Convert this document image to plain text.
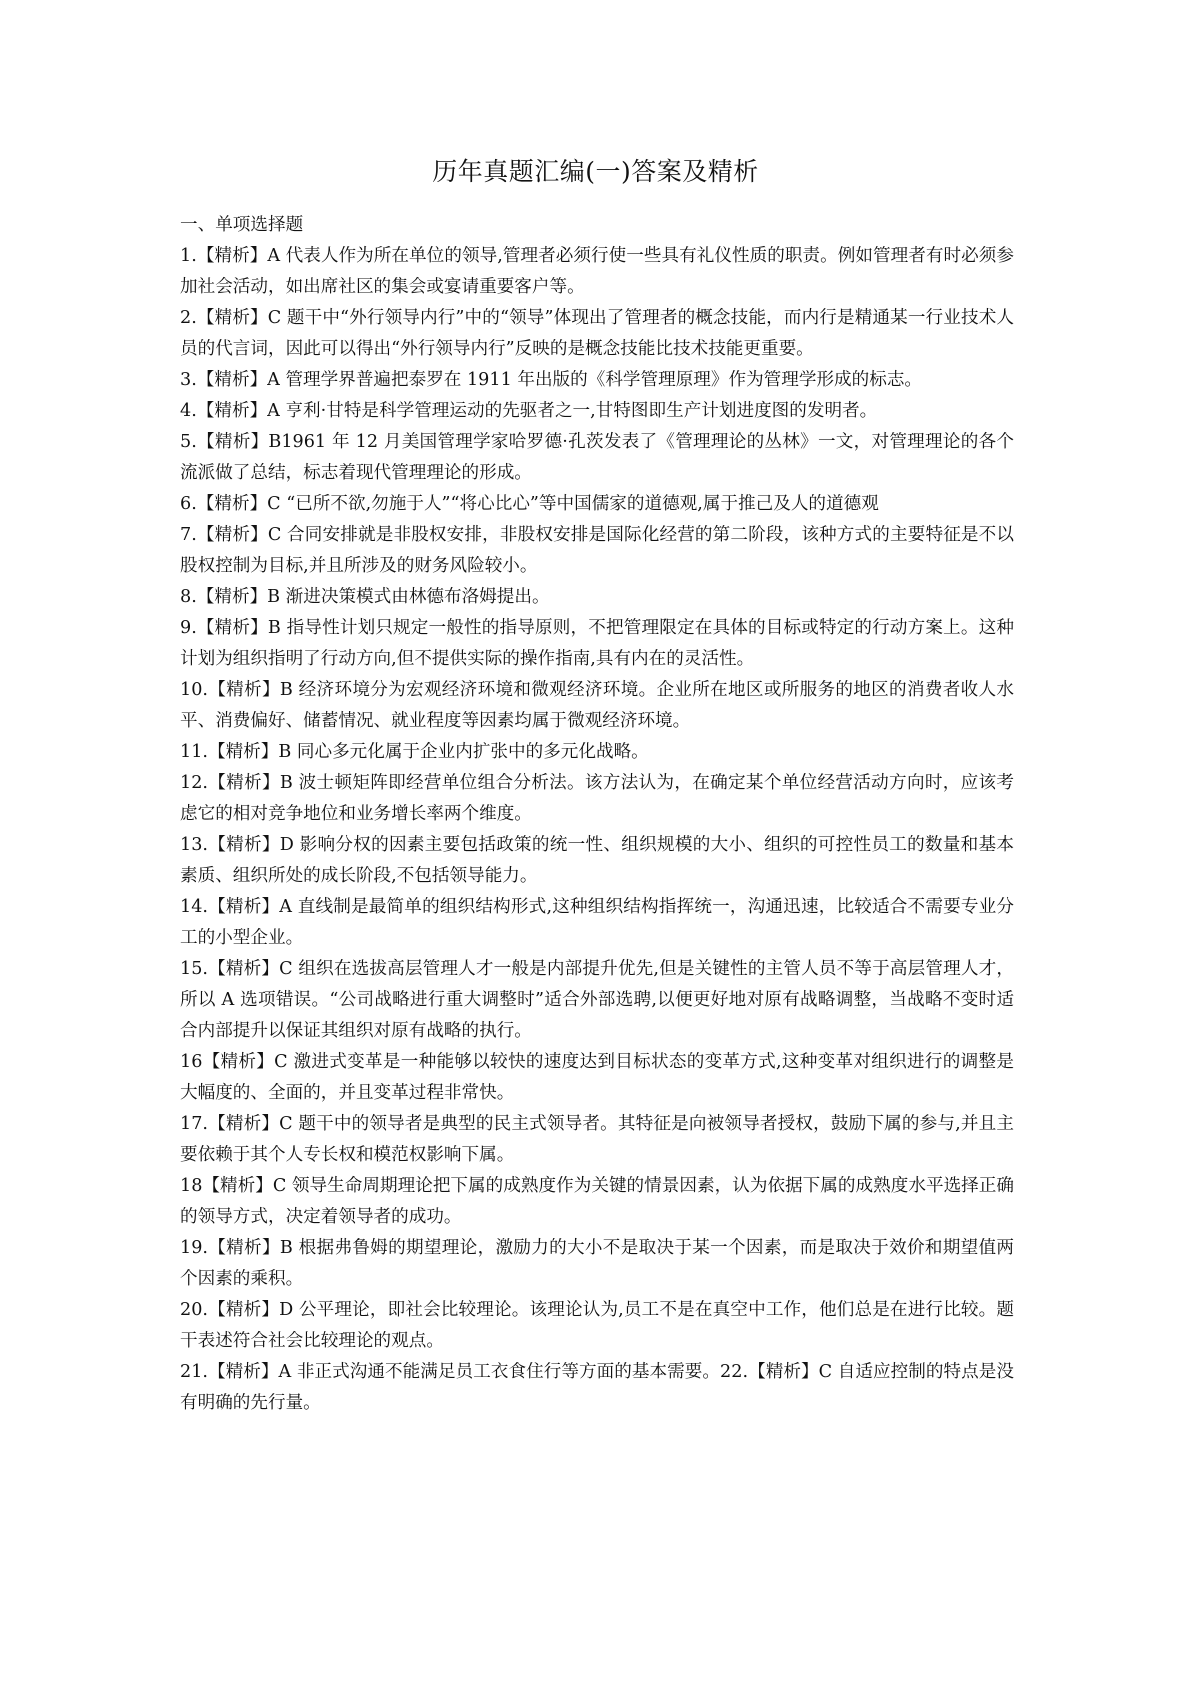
历年真题汇编(一)答案及精析

一、单项选择题

1.【精析】A 代表人作为所在单位的领导,管理者必须行使一些具有礼仪性质的职责。例如管理者有时必须参加社会活动，如出席社区的集会或宴请重要客户等。

2.【精析】C 题干中“外行领导内行”中的“领导”体现出了管理者的概念技能，而内行是精通某一行业技术人员的代言词，因此可以得出“外行领导内行”反映的是概念技能比技术技能更重要。

3.【精析】A 管理学界普遍把泰罗在 1911 年出版的《科学管理原理》作为管理学形成的标志。

4.【精析】A 亨利·甘特是科学管理运动的先驱者之一,甘特图即生产计划进度图的发明者。

5.【精析】B1961 年 12 月美国管理学家哈罗德·孔茨发表了《管理理论的丛林》一文，对管理理论的各个流派做了总结，标志着现代管理理论的形成。

6.【精析】C “已所不欲,勿施于人”“将心比心”等中国儒家的道德观,属于推己及人的道德观

7.【精析】C 合同安排就是非股权安排，非股权安排是国际化经营的第二阶段，该种方式的主要特征是不以股权控制为目标,并且所涉及的财务风险较小。

8.【精析】B 渐进决策模式由林德布洛姆提出。

9.【精析】B 指导性计划只规定一般性的指导原则，不把管理限定在具体的目标或特定的行动方案上。这种计划为组织指明了行动方向,但不提供实际的操作指南,具有内在的灵活性。

10.【精析】B 经济环境分为宏观经济环境和微观经济环境。企业所在地区或所服务的地区的消费者收人水平、消费偏好、储蓄情况、就业程度等因素均属于微观经济环境。

11.【精析】B 同心多元化属于企业内扩张中的多元化战略。

12.【精析】B 波士顿矩阵即经营单位组合分析法。该方法认为，在确定某个单位经营活动方向时，应该考虑它的相对竞争地位和业务增长率两个维度。

13.【精析】D 影响分权的因素主要包括政策的统一性、组织规模的大小、组织的可控性员工的数量和基本素质、组织所处的成长阶段,不包括领导能力。

14.【精析】A 直线制是最简单的组织结构形式,这种组织结构指挥统一，沟通迅速，比较适合不需要专业分工的小型企业。

15.【精析】C 组织在选拔高层管理人才一般是内部提升优先,但是关键性的主管人员不等于高层管理人才，所以 A 选项错误。“公司战略进行重大调整时”适合外部选聘,以便更好地对原有战略调整，当战略不变时适合内部提升以保证其组织对原有战略的执行。

16【精析】C 激进式变革是一种能够以较快的速度达到目标状态的变革方式,这种变革对组织进行的调整是大幅度的、全面的，并且变革过程非常快。

17.【精析】C 题干中的领导者是典型的民主式领导者。其特征是向被领导者授权，鼓励下属的参与,并且主要依赖于其个人专长权和模范权影响下属。

18【精析】C 领导生命周期理论把下属的成熟度作为关键的情景因素，认为依据下属的成熟度水平选择正确的领导方式，决定着领导者的成功。

19.【精析】B 根据弗鲁姆的期望理论，激励力的大小不是取决于某一个因素，而是取决于效价和期望值两个因素的乘积。

20.【精析】D 公平理论，即社会比较理论。该理论认为,员工不是在真空中工作，他们总是在进行比较。题干表述符合社会比较理论的观点。

21.【精析】A 非正式沟通不能满足员工衣食住行等方面的基本需要。22.【精析】C 自适应控制的特点是没有明确的先行量。
